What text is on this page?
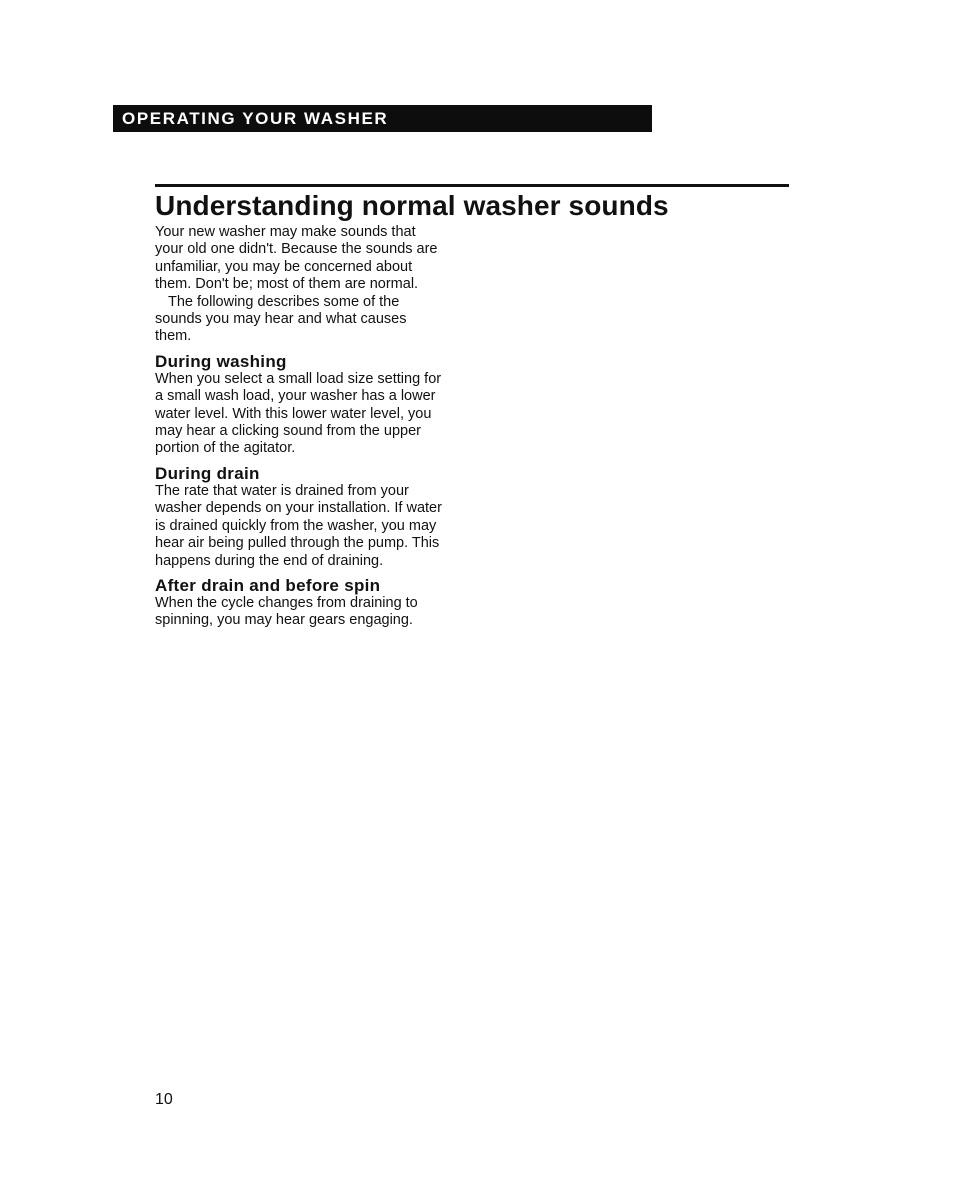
OPERATING YOUR WASHER
Understanding normal washer sounds

Your new washer may make sounds that
your old one didn't. Because the sounds are
unfamiliar, you may be concerned about
them. Don't be; most of them are normal.

The following describes some of the
sounds you may hear and what causes
them.

During washing

When you select a small load size setting for
a small wash load, your washer has a lower
water level. With this lower water level, you
may hear a clicking sound from the upper
portion of the agitator.

During drain

The rate that water is drained from your
washer depends on your installation. If water
is drained quickly from the washer, you may
hear air being pulled through the pump. This
happens during the end of draining.

After drain and before spin

When the cycle changes from draining to
spinning, you may hear gears engaging.

10
